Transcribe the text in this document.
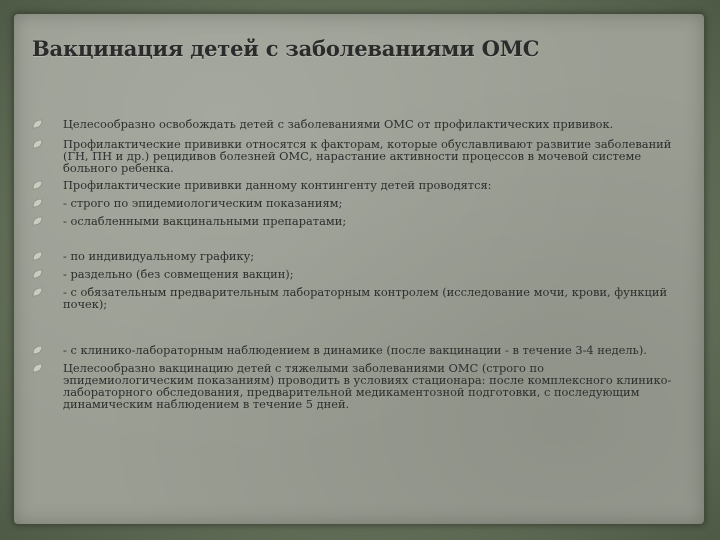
Вакцинация детей с заболеваниями ОМС
Целесообразно освобождать детей с заболеваниями ОМС от профилактических прививок.
Профилактические прививки относятся к факторам, которые обуславливают развитие заболеваний (ГН, ПН и др.) рецидивов болезней ОМС, нарастание активности процессов в мочевой системе больного ребенка.
Профилактические прививки данному контингенту детей проводятся:
- строго по эпидемиологическим показаниям;
- ослабленными вакцинальными препаратами;
- по индивидуальному графику;
- раздельно (без совмещения вакцин);
- с обязательным предварительным лабораторным контролем (исследование мочи, крови, функций почек);
- с клинико-лабораторным наблюдением в динамике (после вакцинации - в течение 3-4 недель).
Целесообразно вакцинацию детей с тяжелыми заболеваниями ОМС (строго по эпидемиологическим показаниям) проводить в условиях стационара: после комплексного клинико-лабораторного обследования, предварительной медикаментозной подготовки, с последующим динамическим наблюдением в течение 5 дней.
